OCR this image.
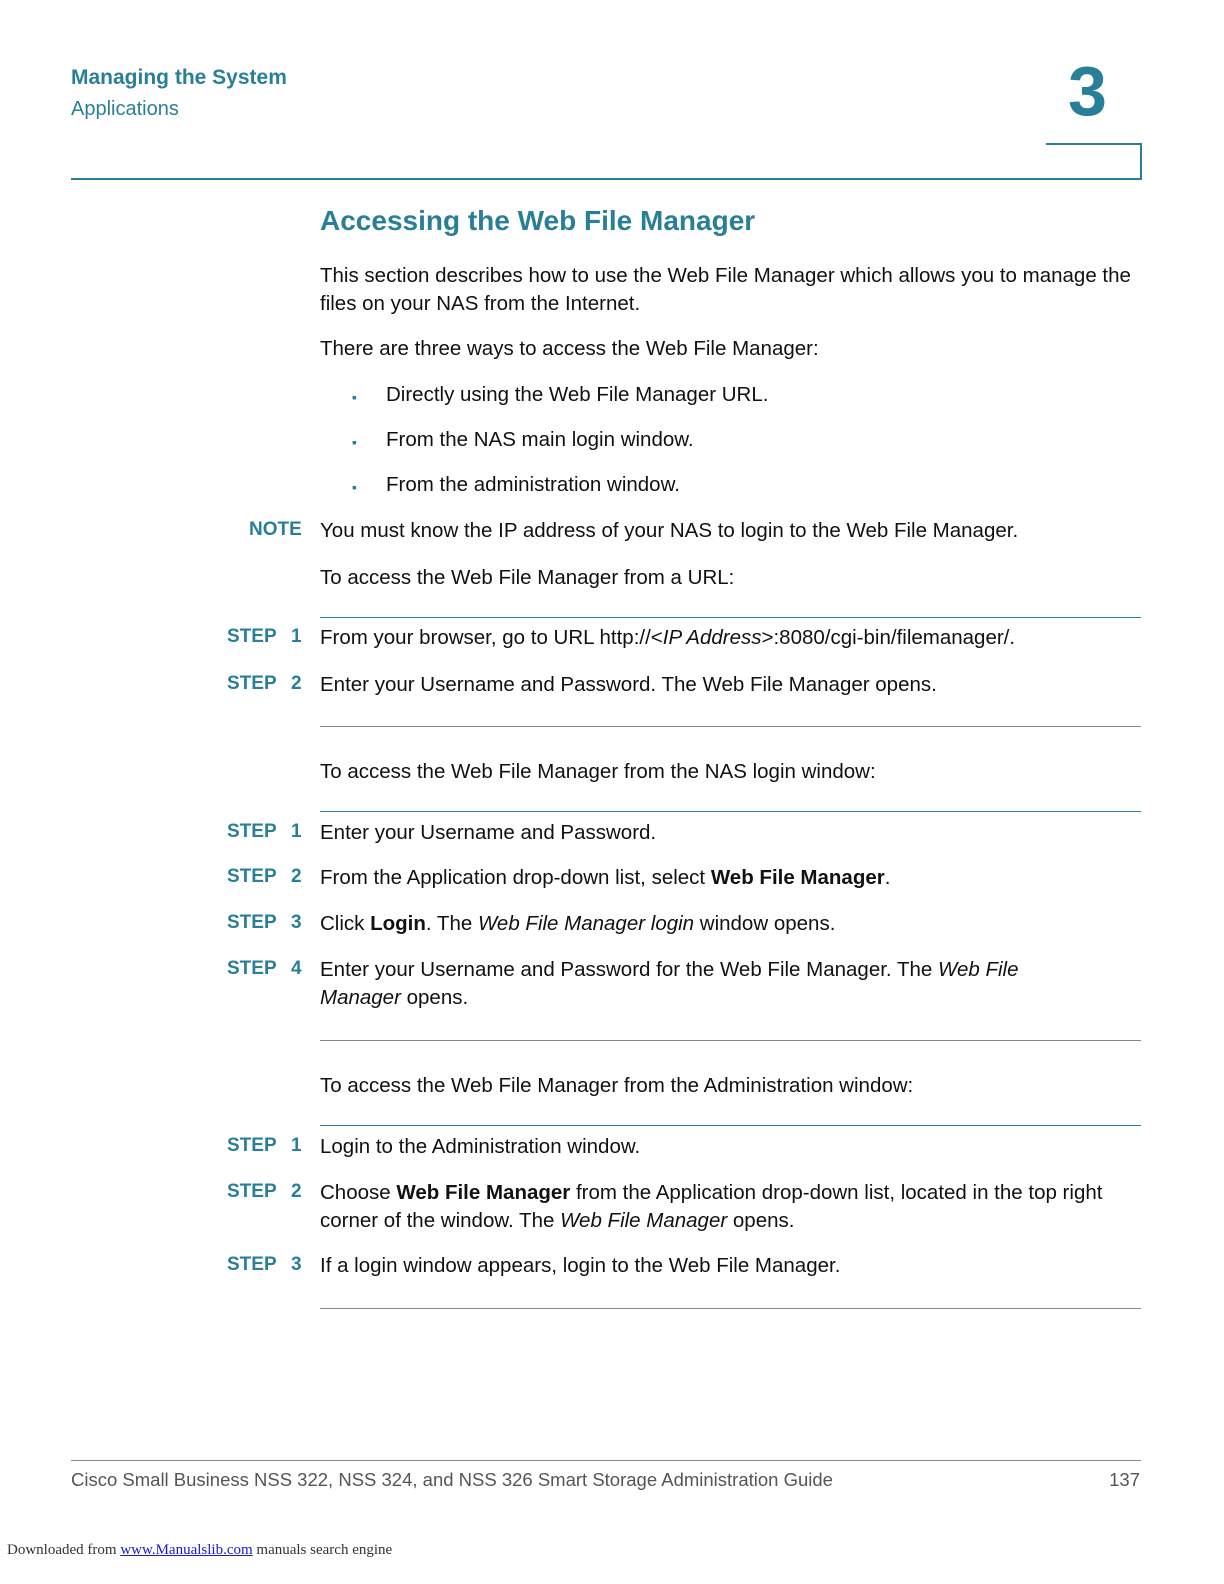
Managing the System
Applications	3
Accessing the Web File Manager
This section describes how to use the Web File Manager which allows you to manage the files on your NAS from the Internet.
There are three ways to access the Web File Manager:
▪ Directly using the Web File Manager URL.
▪ From the NAS main login window.
▪ From the administration window.
NOTE You must know the IP address of your NAS to login to the Web File Manager.
To access the Web File Manager from a URL:
STEP 1 From your browser, go to URL http://<IP Address>:8080/cgi-bin/filemanager/.
STEP 2 Enter your Username and Password. The Web File Manager opens.
To access the Web File Manager from the NAS login window:
STEP 1 Enter your Username and Password.
STEP 2 From the Application drop-down list, select Web File Manager.
STEP 3 Click Login. The Web File Manager login window opens.
STEP 4 Enter your Username and Password for the Web File Manager. The Web File Manager opens.
To access the Web File Manager from the Administration window:
STEP 1 Login to the Administration window.
STEP 2 Choose Web File Manager from the Application drop-down list, located in the top right corner of the window. The Web File Manager opens.
STEP 3 If a login window appears, login to the Web File Manager.
Cisco Small Business NSS 322, NSS 324, and NSS 326 Smart Storage Administration Guide	137
Downloaded from www.Manualslib.com manuals search engine
